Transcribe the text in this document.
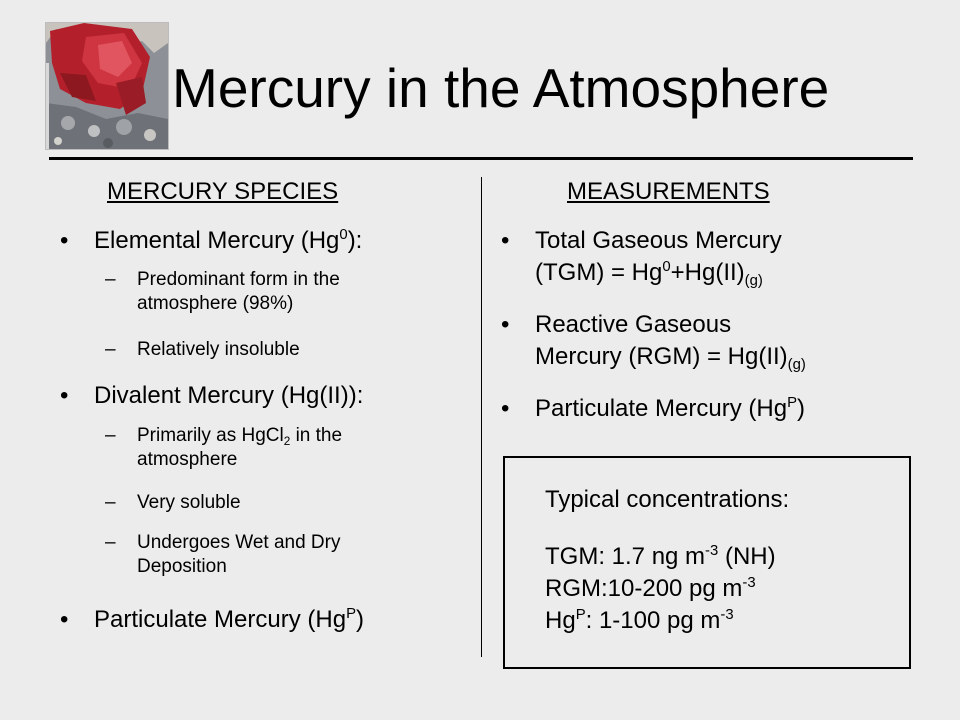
Mercury in the Atmosphere
MERCURY SPECIES
• Elemental Mercury (Hg$^0$):
– Predominant form in the
atmosphere (98%)
– Relatively insoluble
• Divalent Mercury (Hg(II)):
– Primarily as HgCl$_2$ in the
atmosphere
– Very soluble
– Undergoes Wet and Dry
Deposition
• Particulate Mercury $(Hg^P)$
MEASUREMENTS
• Total Gaseous Mercury
$(TGM) = Hg^0+Hg(II)_{(g)}$
• Reactive Gaseous
Mercury $(RGM) = Hg(II)_{(g)}$
• Particulate Mercury $(Hg^P)$
Typical concentrations:
TGM: 1.7 ng $m^{-3}$ (NH)
RGM:10-200 pg $m^{-3}$
$Hg^P$: 1-100 pg $m^{-3}$
